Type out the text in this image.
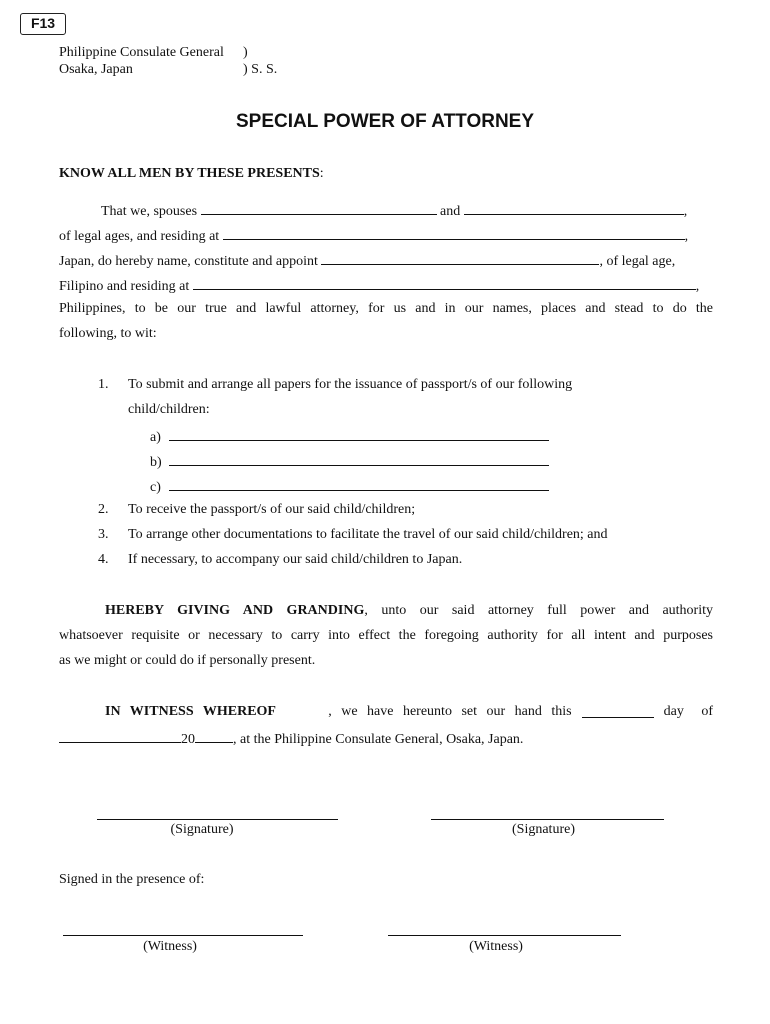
F13
Philippine Consulate General	)
Osaka, Japan	) S. S.
SPECIAL POWER OF ATTORNEY
KNOW ALL MEN BY THESE PRESENTS:
That we, spouses	and	,
of legal ages, and residing at	,
Japan, do hereby name, constitute and appoint	, of legal age,
Filipino and residing at	,
Philippines, to be our true and lawful attorney, for us and in our names, places and stead to do the
following, to wit:
1. To submit and arrange all papers for the issuance of passport/s of our following
child/children:
a)
b)
c)
2. To receive the passport/s of our said child/children;
3. To arrange other documentations to facilitate the travel of our said child/children; and
4. If necessary, to accompany our said child/children to Japan.
HEREBY GIVING AND GRANDING, unto our said attorney full power and authority
whatsoever requisite or necessary to carry into effect the foregoing authority for all intent and purposes
as we might or could do if personally present.
IN WITNESS WHEREOF	, we have hereunto set our hand this	day of
20	, at the Philippine Consulate General, Osaka, Japan.
(Signature)	(Signature)
Signed in the presence of:
(Witness)	(Witness)
